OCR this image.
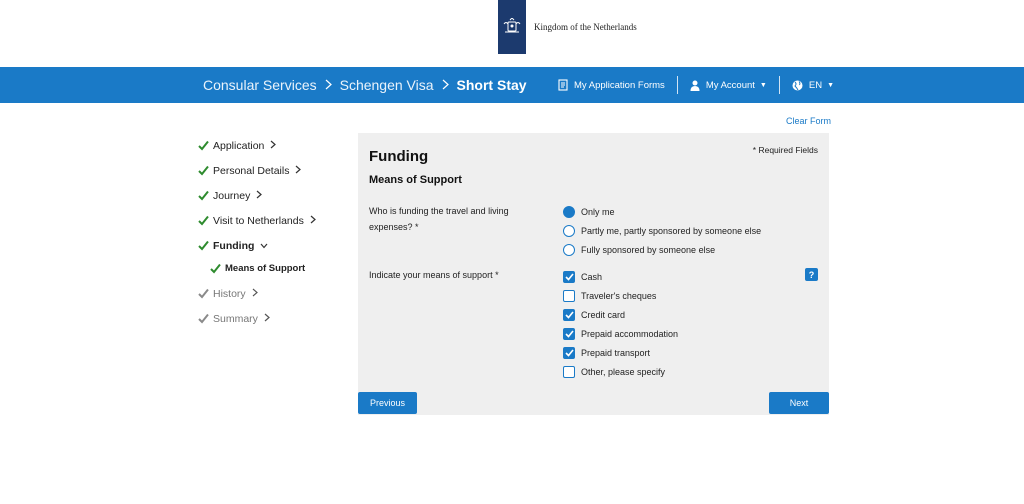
Kingdom of the Netherlands
Consular Services Schengen Visa Short Stay	My Application Forms	My Account ▼	EN ▼
Clear Form
Application
Personal Details
Journey
Visit to Netherlands
Funding
Means of Support
History
Summary
Funding	* Required Fields
Means of Support
Who is funding the travel and living expenses? *
Only me
Partly me, partly sponsored by someone else
Fully sponsored by someone else
Indicate your means of support *	Cash
Traveler's cheques
Credit card
Prepaid accommodation
Prepaid transport
Other, please specify
?
Previous	Next
